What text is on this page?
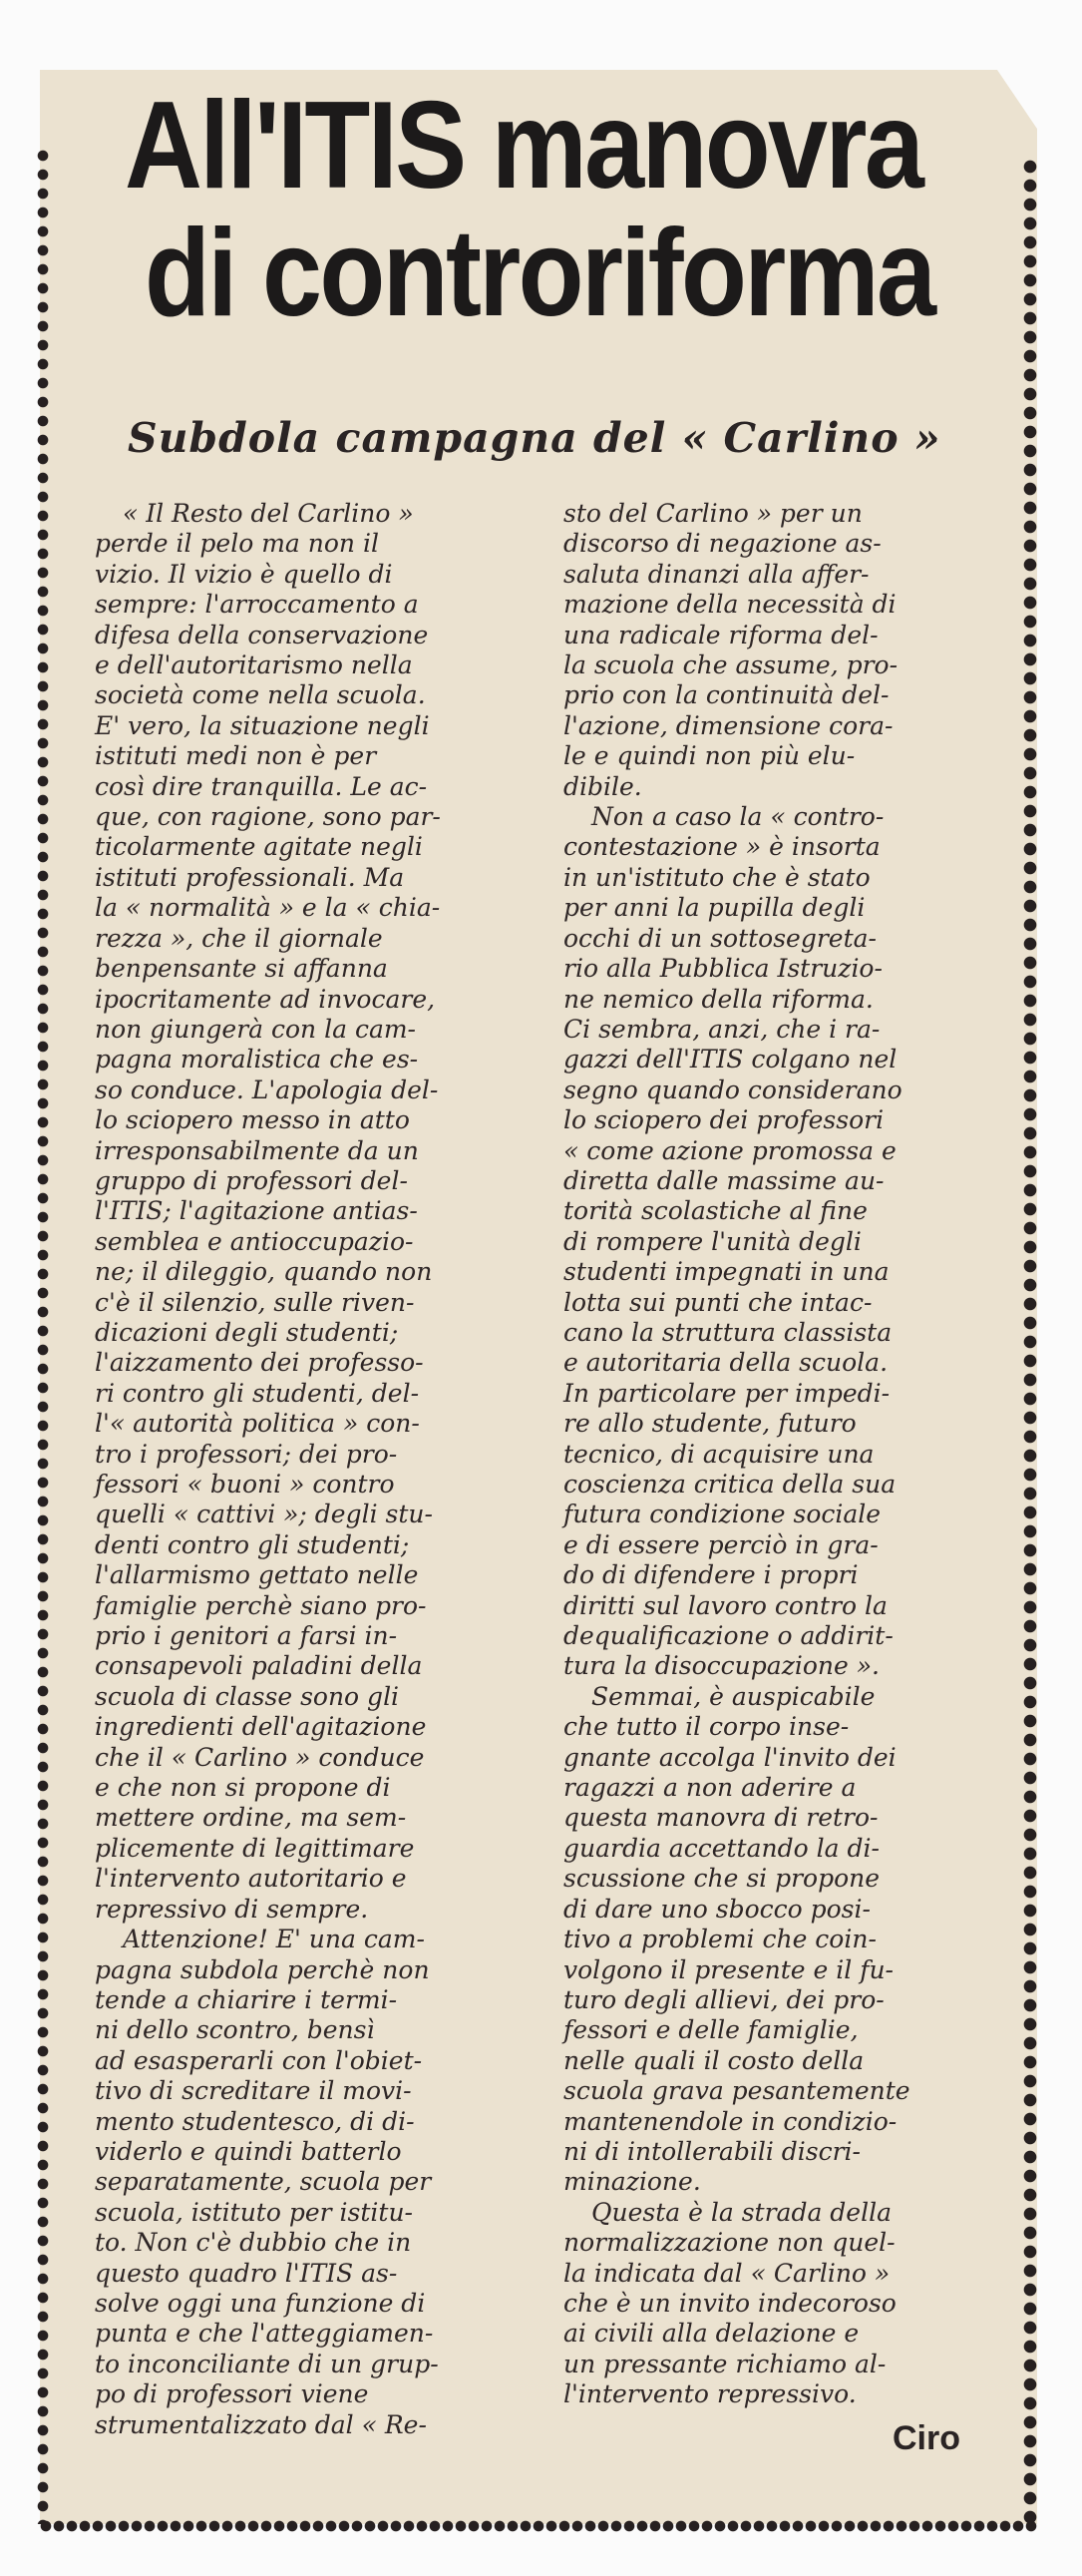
All'ITIS manovra
di controriforma
Subdola campagna del « Carlino »
« Il Resto del Carlino »
perde il pelo ma non il
vizio. Il vizio è quello di
sempre: l'arroccamento a
difesa della conservazione
e dell'autoritarismo nella
società come nella scuola.
E' vero, la situazione negli
istituti medi non è per
così dire tranquilla. Le ac-
que, con ragione, sono par-
ticolarmente agitate negli
istituti professionali. Ma
la « normalità » e la « chia-
rezza », che il giornale
benpensante si affanna
ipocritamente ad invocare,
non giungerà con la cam-
pagna moralistica che es-
so conduce. L'apologia del-
lo sciopero messo in atto
irresponsabilmente da un
gruppo di professori del-
l'ITIS; l'agitazione antias-
semblea e antioccupazio-
ne; il dileggio, quando non
c'è il silenzio, sulle riven-
dicazioni degli studenti;
l'aizzamento dei professo-
ri contro gli studenti, del-
l'« autorità politica » con-
tro i professori; dei pro-
fessori « buoni » contro
quelli « cattivi »; degli stu-
denti contro gli studenti;
l'allarmismo gettato nelle
famiglie perchè siano pro-
prio i genitori a farsi in-
consapevoli paladini della
scuola di classe sono gli
ingredienti dell'agitazione
che il « Carlino » conduce
e che non si propone di
mettere ordine, ma sem-
plicemente di legittimare
l'intervento autoritario e
repressivo di sempre.
Attenzione! E' una cam-
pagna subdola perchè non
tende a chiarire i termi-
ni dello scontro, bensì
ad esasperarli con l'obiet-
tivo di screditare il movi-
mento studentesco, di di-
viderlo e quindi batterlo
separatamente, scuola per
scuola, istituto per istitu-
to. Non c'è dubbio che in
questo quadro l'ITIS as-
solve oggi una funzione di
punta e che l'atteggiamen-
to inconciliante di un grup-
po di professori viene
strumentalizzato dal « Re-
sto del Carlino » per un
discorso di negazione as-
saluta dinanzi alla affer-
mazione della necessità di
una radicale riforma del-
la scuola che assume, pro-
prio con la continuità del-
l'azione, dimensione cora-
le e quindi non più elu-
dibile.
Non a caso la « contro-
contestazione » è insorta
in un'istituto che è stato
per anni la pupilla degli
occhi di un sottosegreta-
rio alla Pubblica Istruzio-
ne nemico della riforma.
Ci sembra, anzi, che i ra-
gazzi dell'ITIS colgano nel
segno quando considerano
lo sciopero dei professori
« come azione promossa e
diretta dalle massime au-
torità scolastiche al fine
di rompere l'unità degli
studenti impegnati in una
lotta sui punti che intac-
cano la struttura classista
e autoritaria della scuola.
In particolare per impedi-
re allo studente, futuro
tecnico, di acquisire una
coscienza critica della sua
futura condizione sociale
e di essere perciò in gra-
do di difendere i propri
diritti sul lavoro contro la
dequalificazione o addirit-
tura la disoccupazione ».
Semmai, è auspicabile
che tutto il corpo inse-
gnante accolga l'invito dei
ragazzi a non aderire a
questa manovra di retro-
guardia accettando la di-
scussione che si propone
di dare uno sbocco posi-
tivo a problemi che coin-
volgono il presente e il fu-
turo degli allievi, dei pro-
fessori e delle famiglie,
nelle quali il costo della
scuola grava pesantemente
mantenendole in condizio-
ni di intollerabili discri-
minazione.
Questa è la strada della
normalizzazione non quel-
la indicata dal « Carlino »
che è un invito indecoroso
ai civili alla delazione e
un pressante richiamo al-
l'intervento repressivo.
Ciro
